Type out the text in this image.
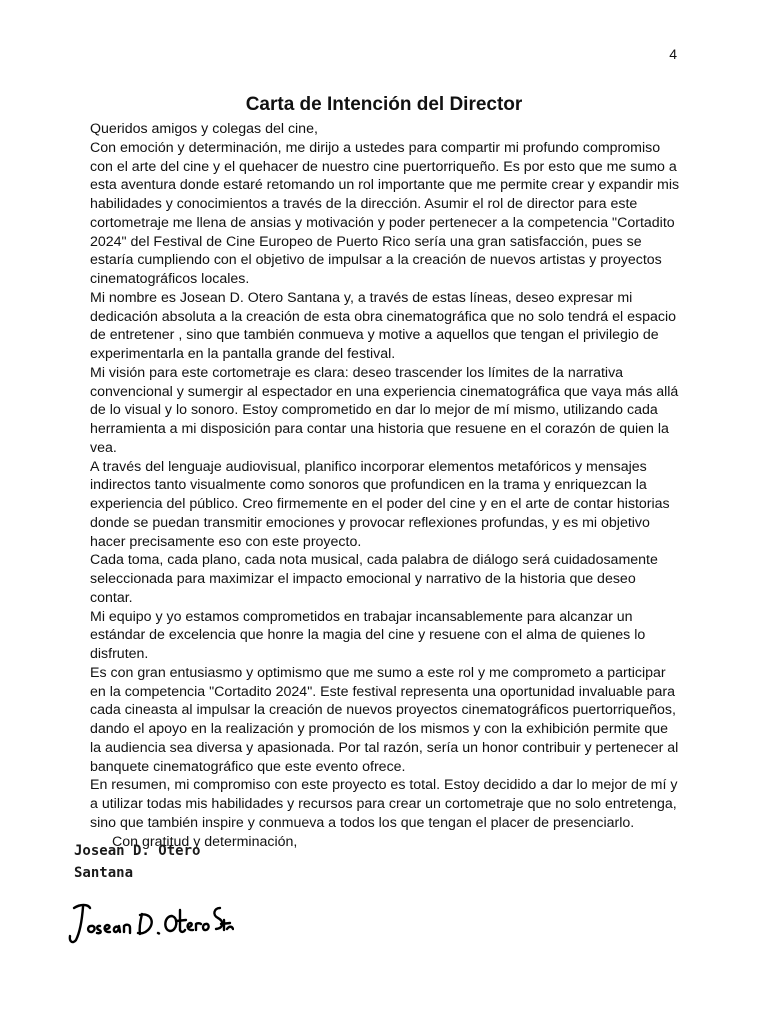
4
Carta de Intención del Director

Queridos amigos y colegas del cine,

Con emoción y determinación, me dirijo a ustedes para compartir mi profundo compromiso con el arte del cine y el quehacer de nuestro cine puertorriqueño. Es por esto que me sumo a esta aventura donde estaré retomando un rol importante que me permite crear y expandir mis habilidades y conocimientos a través de la dirección. Asumir el rol de director para este cortometraje me llena de ansias y motivación y poder pertenecer a la competencia "Cortadito 2024" del Festival de Cine Europeo de Puerto Rico sería una gran satisfacción, pues se estaría cumpliendo con el objetivo de impulsar a la creación de nuevos artistas y proyectos cinematográficos locales.

Mi nombre es Josean D. Otero Santana y, a través de estas líneas, deseo expresar mi dedicación absoluta a la creación de esta obra cinematográfica que no solo tendrá el espacio de entretener , sino que también conmueva y motive a aquellos que tengan el privilegio de experimentarla en la pantalla grande del festival.

Mi visión para este cortometraje es clara: deseo trascender los límites de la narrativa convencional y sumergir al espectador en una experiencia cinematográfica que vaya más allá de lo visual y lo sonoro. Estoy comprometido en dar lo mejor de mí mismo, utilizando cada herramienta a mi disposición para contar una historia que resuene en el corazón de quien la vea.

A través del lenguaje audiovisual, planifico incorporar elementos metafóricos y mensajes indirectos tanto visualmente como sonoros que profundicen en la trama y enriquezcan la experiencia del público. Creo firmemente en el poder del cine y en el arte de contar historias donde se puedan transmitir emociones y provocar reflexiones profundas, y es mi objetivo hacer precisamente eso con este proyecto.

Cada toma, cada plano, cada nota musical, cada palabra de diálogo será cuidadosamente seleccionada para maximizar el impacto emocional y narrativo de la historia que deseo contar.

Mi equipo y yo estamos comprometidos en trabajar incansablemente para alcanzar un estándar de excelencia que honre la magia del cine y resuene con el alma de quienes lo disfruten.

Es con gran entusiasmo y optimismo que me sumo a este rol y me comprometo a participar en la competencia "Cortadito 2024". Este festival representa una oportunidad invaluable para cada cineasta al impulsar la creación de nuevos proyectos cinematográficos puertorriqueños, dando el apoyo en la realización y promoción de los mismos y con la exhibición permite que la audiencia sea diversa y apasionada. Por tal razón, sería un honor contribuir y pertenecer al banquete cinematográfico que este evento ofrece.

En resumen, mi compromiso con este proyecto es total. Estoy decidido a dar lo mejor de mí y a utilizar todas mis habilidades y recursos para crear un cortometraje que no solo entretenga, sino que también inspire y conmueva a todos los que tengan el placer de presenciarlo.

Con gratitud y determinación,

Josean D. Otero
Santana
